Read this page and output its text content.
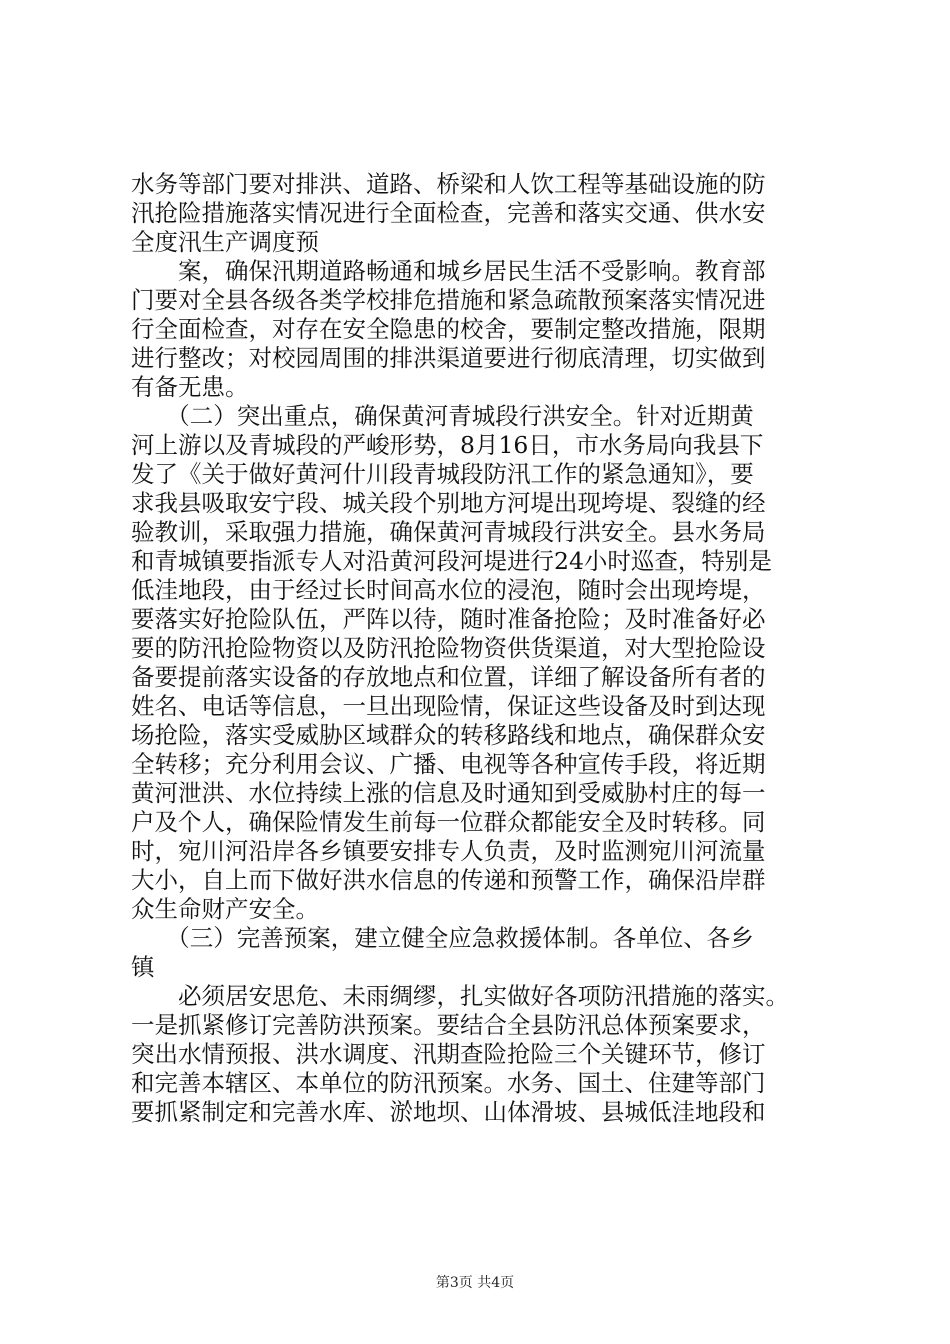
水务等部门要对排洪、道路、桥梁和人饮工程等基础设施的防
汛抢险措施落实情况进行全面检查，完善和落实交通、供水安
全度汛生产调度预
　　案，确保汛期道路畅通和城乡居民生活不受影响。教育部
门要对全县各级各类学校排危措施和紧急疏散预案落实情况进
行全面检查，对存在安全隐患的校舍，要制定整改措施，限期
进行整改；对校园周围的排洪渠道要进行彻底清理，切实做到
有备无患。
　　（二）突出重点，确保黄河青城段行洪安全。针对近期黄
河上游以及青城段的严峻形势，8月16日，市水务局向我县下
发了《关于做好黄河什川段青城段防汛工作的紧急通知》，要
求我县吸取安宁段、城关段个别地方河堤出现垮堤、裂缝的经
验教训，采取强力措施，确保黄河青城段行洪安全。县水务局
和青城镇要指派专人对沿黄河段河堤进行24小时巡查，特别是
低洼地段，由于经过长时间高水位的浸泡，随时会出现垮堤，
要落实好抢险队伍，严阵以待，随时准备抢险；及时准备好必
要的防汛抢险物资以及防汛抢险物资供货渠道，对大型抢险设
备要提前落实设备的存放地点和位置，详细了解设备所有者的
姓名、电话等信息，一旦出现险情，保证这些设备及时到达现
场抢险，落实受威胁区域群众的转移路线和地点，确保群众安
全转移；充分利用会议、广播、电视等各种宣传手段，将近期
黄河泄洪、水位持续上涨的信息及时通知到受威胁村庄的每一
户及个人，确保险情发生前每一位群众都能安全及时转移。同
时，宛川河沿岸各乡镇要安排专人负责，及时监测宛川河流量
大小，自上而下做好洪水信息的传递和预警工作，确保沿岸群
众生命财产安全。
　　（三）完善预案，建立健全应急救援体制。各单位、各乡
镇
　　必须居安思危、未雨绸缪，扎实做好各项防汛措施的落实。
一是抓紧修订完善防洪预案。要结合全县防汛总体预案要求，
突出水情预报、洪水调度、汛期查险抢险三个关键环节，修订
和完善本辖区、本单位的防汛预案。水务、国土、住建等部门
要抓紧制定和完善水库、淤地坝、山体滑坡、县城低洼地段和
第3页 共4页
